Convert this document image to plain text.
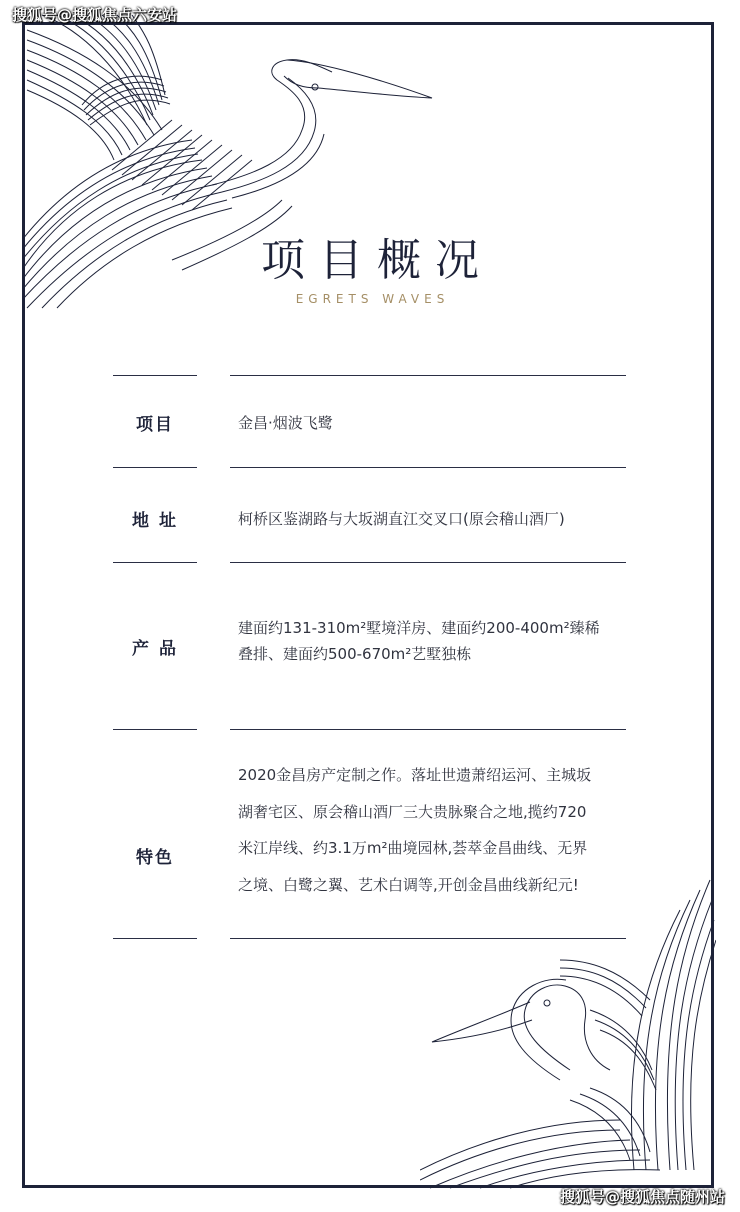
搜狐号@搜狐焦点六安站
搜狐号@搜狐焦点随州站
项目概况
EGRETS WAVES
项目	金昌·烟波飞鹭
地 址	柯桥区鉴湖路与大坂湖直江交叉口(原会稽山酒厂)
产 品
建面约131-310m²墅境洋房、建面约200-400m²臻稀
叠排、建面约500-670m²艺墅独栋
特色
2020金昌房产定制之作。落址世遗萧绍运河、主城坂
湖奢宅区、原会稽山酒厂三大贵脉聚合之地,揽约720
米江岸线、约3.1万m²曲境园林,荟萃金昌曲线、无界
之境、白鹭之翼、艺术白调等,开创金昌曲线新纪元!
